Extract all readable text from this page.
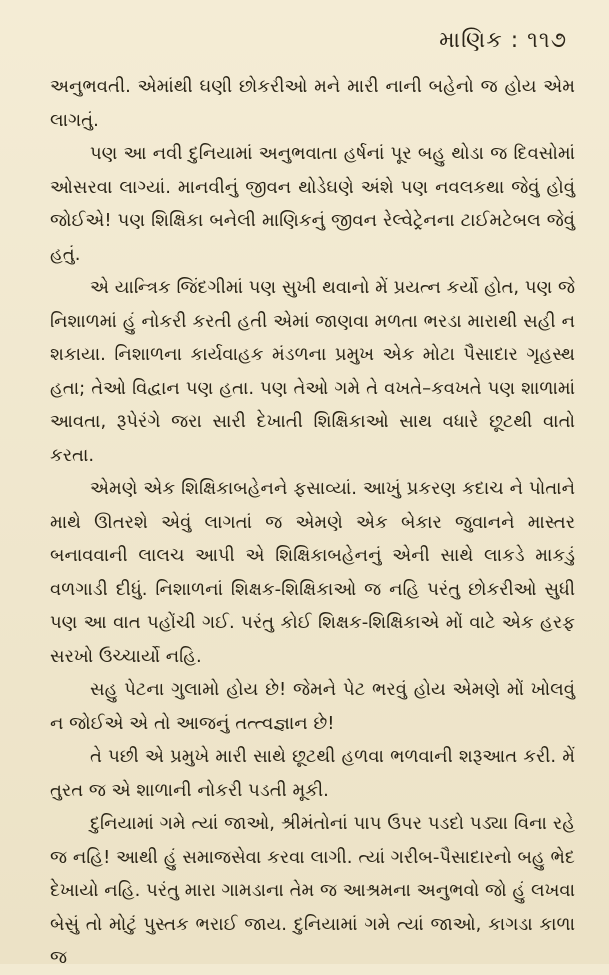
માણિક : ૧૧૭

અનુભવતી. એમાંથી ઘણી છોકરીઓ મને મારી નાની બહેનો જ હોય એમ લાગતું.

પણ આ નવી દુનિયામાં અનુભવાતા હર્ષનાં પૂર બહુ થોડા જ દિવસોમાં ઓસરવા લાગ્યાં. માનવીનું જીવન થોડેઘણે અંશે પણ નવલકથા જેવું હોવું જોઈએ! પણ શિક્ષિકા બનેલી માણિકનું જીવન રેલ્વેટ્રેનના ટાઈમટેબલ જેવું હતું.

એ યાન્ત્રિક જિંદગીમાં પણ સુખી થવાનો મેં પ્રયત્ન કર્યો હોત, પણ જે નિશાળમાં હું નોકરી કરતી હતી એમાં જાણવા મળતા ભરડા મારાથી સહી ન શકાયા. નિશાળના કાર્યવાહક મંડળના પ્રમુખ એક મોટા પૈસાદાર ગૃહસ્થ હતા; તેઓ વિદ્વાન પણ હતા. પણ તેઓ ગમે તે વખતે–કવખતે પણ શાળામાં આવતા, રૂપેરંગે જરા સારી દેખાતી શિક્ષિકાઓ સાથ વધારે છૂટથી વાતો કરતા.

એમણે એક શિક્ષિકાબહેનને ફસાવ્યાં. આખું પ્રકરણ કદાચ ને પોતાને માથે ઊતરશે એવું લાગતાં જ એમણે એક બેકાર જુવાનને માસ્તર બનાવવાની લાલચ આપી એ શિક્ષિકાબહેનનું એની સાથે લાકડે માકડું વળગાડી દીધું. નિશાળનાં શિક્ષક-શિક્ષિકાઓ જ નહિ પરંતુ છોકરીઓ સુધી પણ આ વાત પહોંચી ગઈ. પરંતુ કોઈ શિક્ષક-શિક્ષિકાએ મોં વાટે એક હરફ સરખો ઉચ્ચાર્યો નહિ.

સહુ પેટના ગુલામો હોય છે! જેમને પેટ ભરવું હોય એમણે મોં ખોલવું ન જોઈએ એ તો આજનું તત્ત્વજ્ઞાન છે!

તે પછી એ પ્રમુખે મારી સાથે છૂટથી હળવા ભળવાની શરૂઆત કરી. મેં તુરત જ એ શાળાની નોકરી પડતી મૂકી.

દુનિયામાં ગમે ત્યાં જાઓ, શ્રીમંતોનાં પાપ ઉપર પડદો પડ્યા વિના રહે જ નહિ! આથી હું સમાજસેવા કરવા લાગી. ત્યાં ગરીબ-પૈસાદારનો બહુ ભેદ દેખાયો નહિ. પરંતુ મારા ગામડાના તેમ જ આશ્રમના અનુભવો જો હું લખવા બેસું તો મોટું પુસ્તક ભરાઈ જાય. દુનિયામાં ગમે ત્યાં જાઓ, કાગડા કાળા જ
